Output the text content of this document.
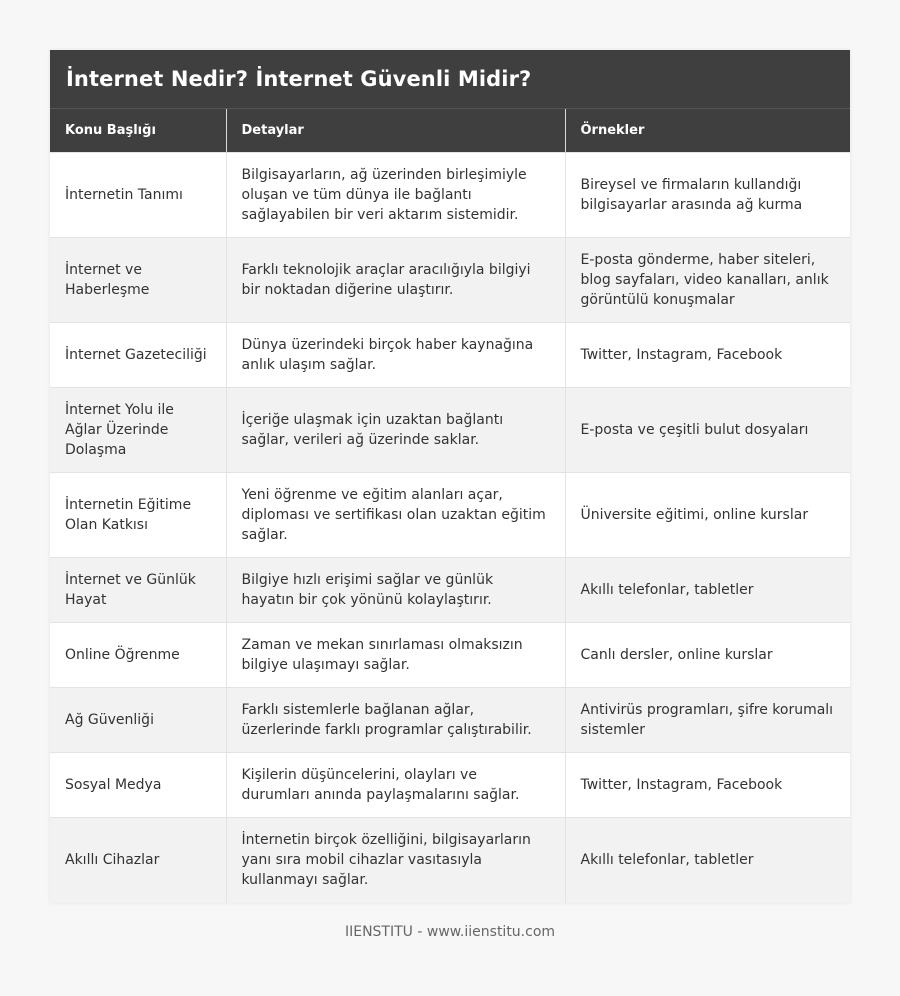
İnternet Nedir? İnternet Güvenli Midir?
Konu Başlığı	Detaylar	Örnekler
İnternetin Tanımı	Bilgisayarların, ağ üzerinden birleşimiyle oluşan ve tüm dünya ile bağlantı sağlayabilen bir veri aktarım sistemidir.	Bireysel ve firmaların kullandığı bilgisayarlar arasında ağ kurma
İnternet ve Haberleşme	Farklı teknolojik araçlar aracılığıyla bilgiyi bir noktadan diğerine ulaştırır.	E-posta gönderme, haber siteleri, blog sayfaları, video kanalları, anlık görüntülü konuşmalar
İnternet Gazeteciliği	Dünya üzerindeki birçok haber kaynağına anlık ulaşım sağlar.	Twitter, Instagram, Facebook
İnternet Yolu ile Ağlar Üzerinde Dolaşma	İçeriğe ulaşmak için uzaktan bağlantı sağlar, verileri ağ üzerinde saklar.	E-posta ve çeşitli bulut dosyaları
İnternetin Eğitime Olan Katkısı	Yeni öğrenme ve eğitim alanları açar, diploması ve sertifikası olan uzaktan eğitim sağlar.	Üniversite eğitimi, online kurslar
İnternet ve Günlük Hayat	Bilgiye hızlı erişimi sağlar ve günlük hayatın bir çok yönünü kolaylaştırır.	Akıllı telefonlar, tabletler
Online Öğrenme	Zaman ve mekan sınırlaması olmaksızın bilgiye ulaşımayı sağlar.	Canlı dersler, online kurslar
Ağ Güvenliği	Farklı sistemlerle bağlanan ağlar, üzerlerinde farklı programlar çalıştırabilir.	Antivirüs programları, şifre korumalı sistemler
Sosyal Medya	Kişilerin düşüncelerini, olayları ve durumları anında paylaşmalarını sağlar.	Twitter, Instagram, Facebook
Akıllı Cihazlar	İnternetin birçok özelliğini, bilgisayarların yanı sıra mobil cihazlar vasıtasıyla kullanmayı sağlar.	Akıllı telefonlar, tabletler
IIENSTITU - www.iienstitu.com
